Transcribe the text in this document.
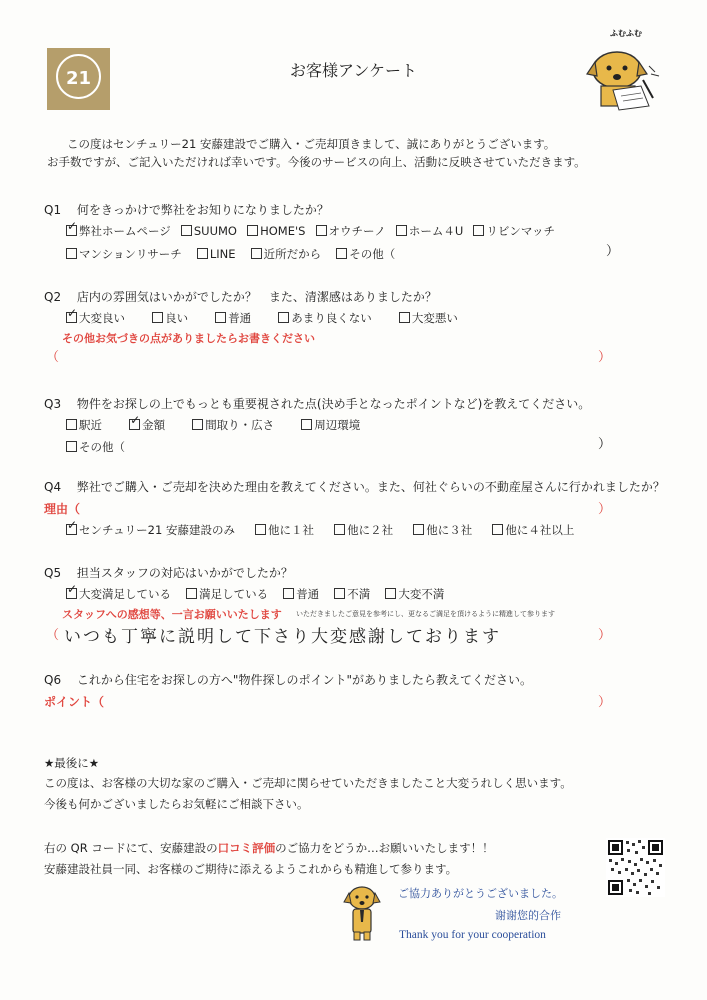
21	お客様アンケート
ふむふむ
この度はセンチュリー21 安藤建設でご購入・ご売却頂きまして、誠にありがとうございます。
お手数ですが、ご記入いただければ幸いです。今後のサービスの向上、活動に反映させていただきます。
Q1 何をきっかけで弊社をお知りになりましたか？
✓
弊社ホームページ
SUUMO
HOME'S
オウチーノ
ホーム４U
リビンマッチ
マンションリサーチ
LINE
近所だから
その他（	）
Q2 店内の雰囲気はいかがでしたか？　また、清潔感はありましたか？
✓
大変良い
	良い
	普通
	あまり良くない
	大変悪い
その他お気づきの点がありましたらお書きください
（	）
Q3 物件をお探しの上でもっとも重要視された点(決め手となったポイントなど)を教えてください。
駅近

✓	金額
	間取り・広さ
	周辺環境
その他（	）
Q4 弊社でご購入・ご売却を決めた理由を教えてください。また、何社ぐらいの不動産屋さんに行かれましたか？
理由（	）
✓
センチュリー21 安藤建設のみ
	他に１社
	他に２社
	他に３社
	他に４社以上
Q5 担当スタッフの対応はいかがでしたか？
✓
大変満足している
満足している
普通
不満
大変不満
スタッフへの感想等、一言お願いいたします いただきましたご意見を参考にし、更なるご満足を頂けるように精進して参ります
（ いつも丁寧に説明して下さり大変感謝しております	）
Q6 これから住宅をお探しの方へ"物件探しのポイント"がありましたら教えてください。
ポイント（	）
★最後に★
この度は、お客様の大切な家のご購入・ご売却に関らせていただきましたこと大変うれしく思います。
今後も何かございましたらお気軽にご相談下さい。
右の QR コードにて、安藤建設の口コミ評価のご協力をどうか…お願いいたします！！
安藤建設社員一同、お客様のご期待に添えるようこれからも精進して参ります。
ご協力ありがとうございました。
谢谢您的合作
Thank you for your cooperation
